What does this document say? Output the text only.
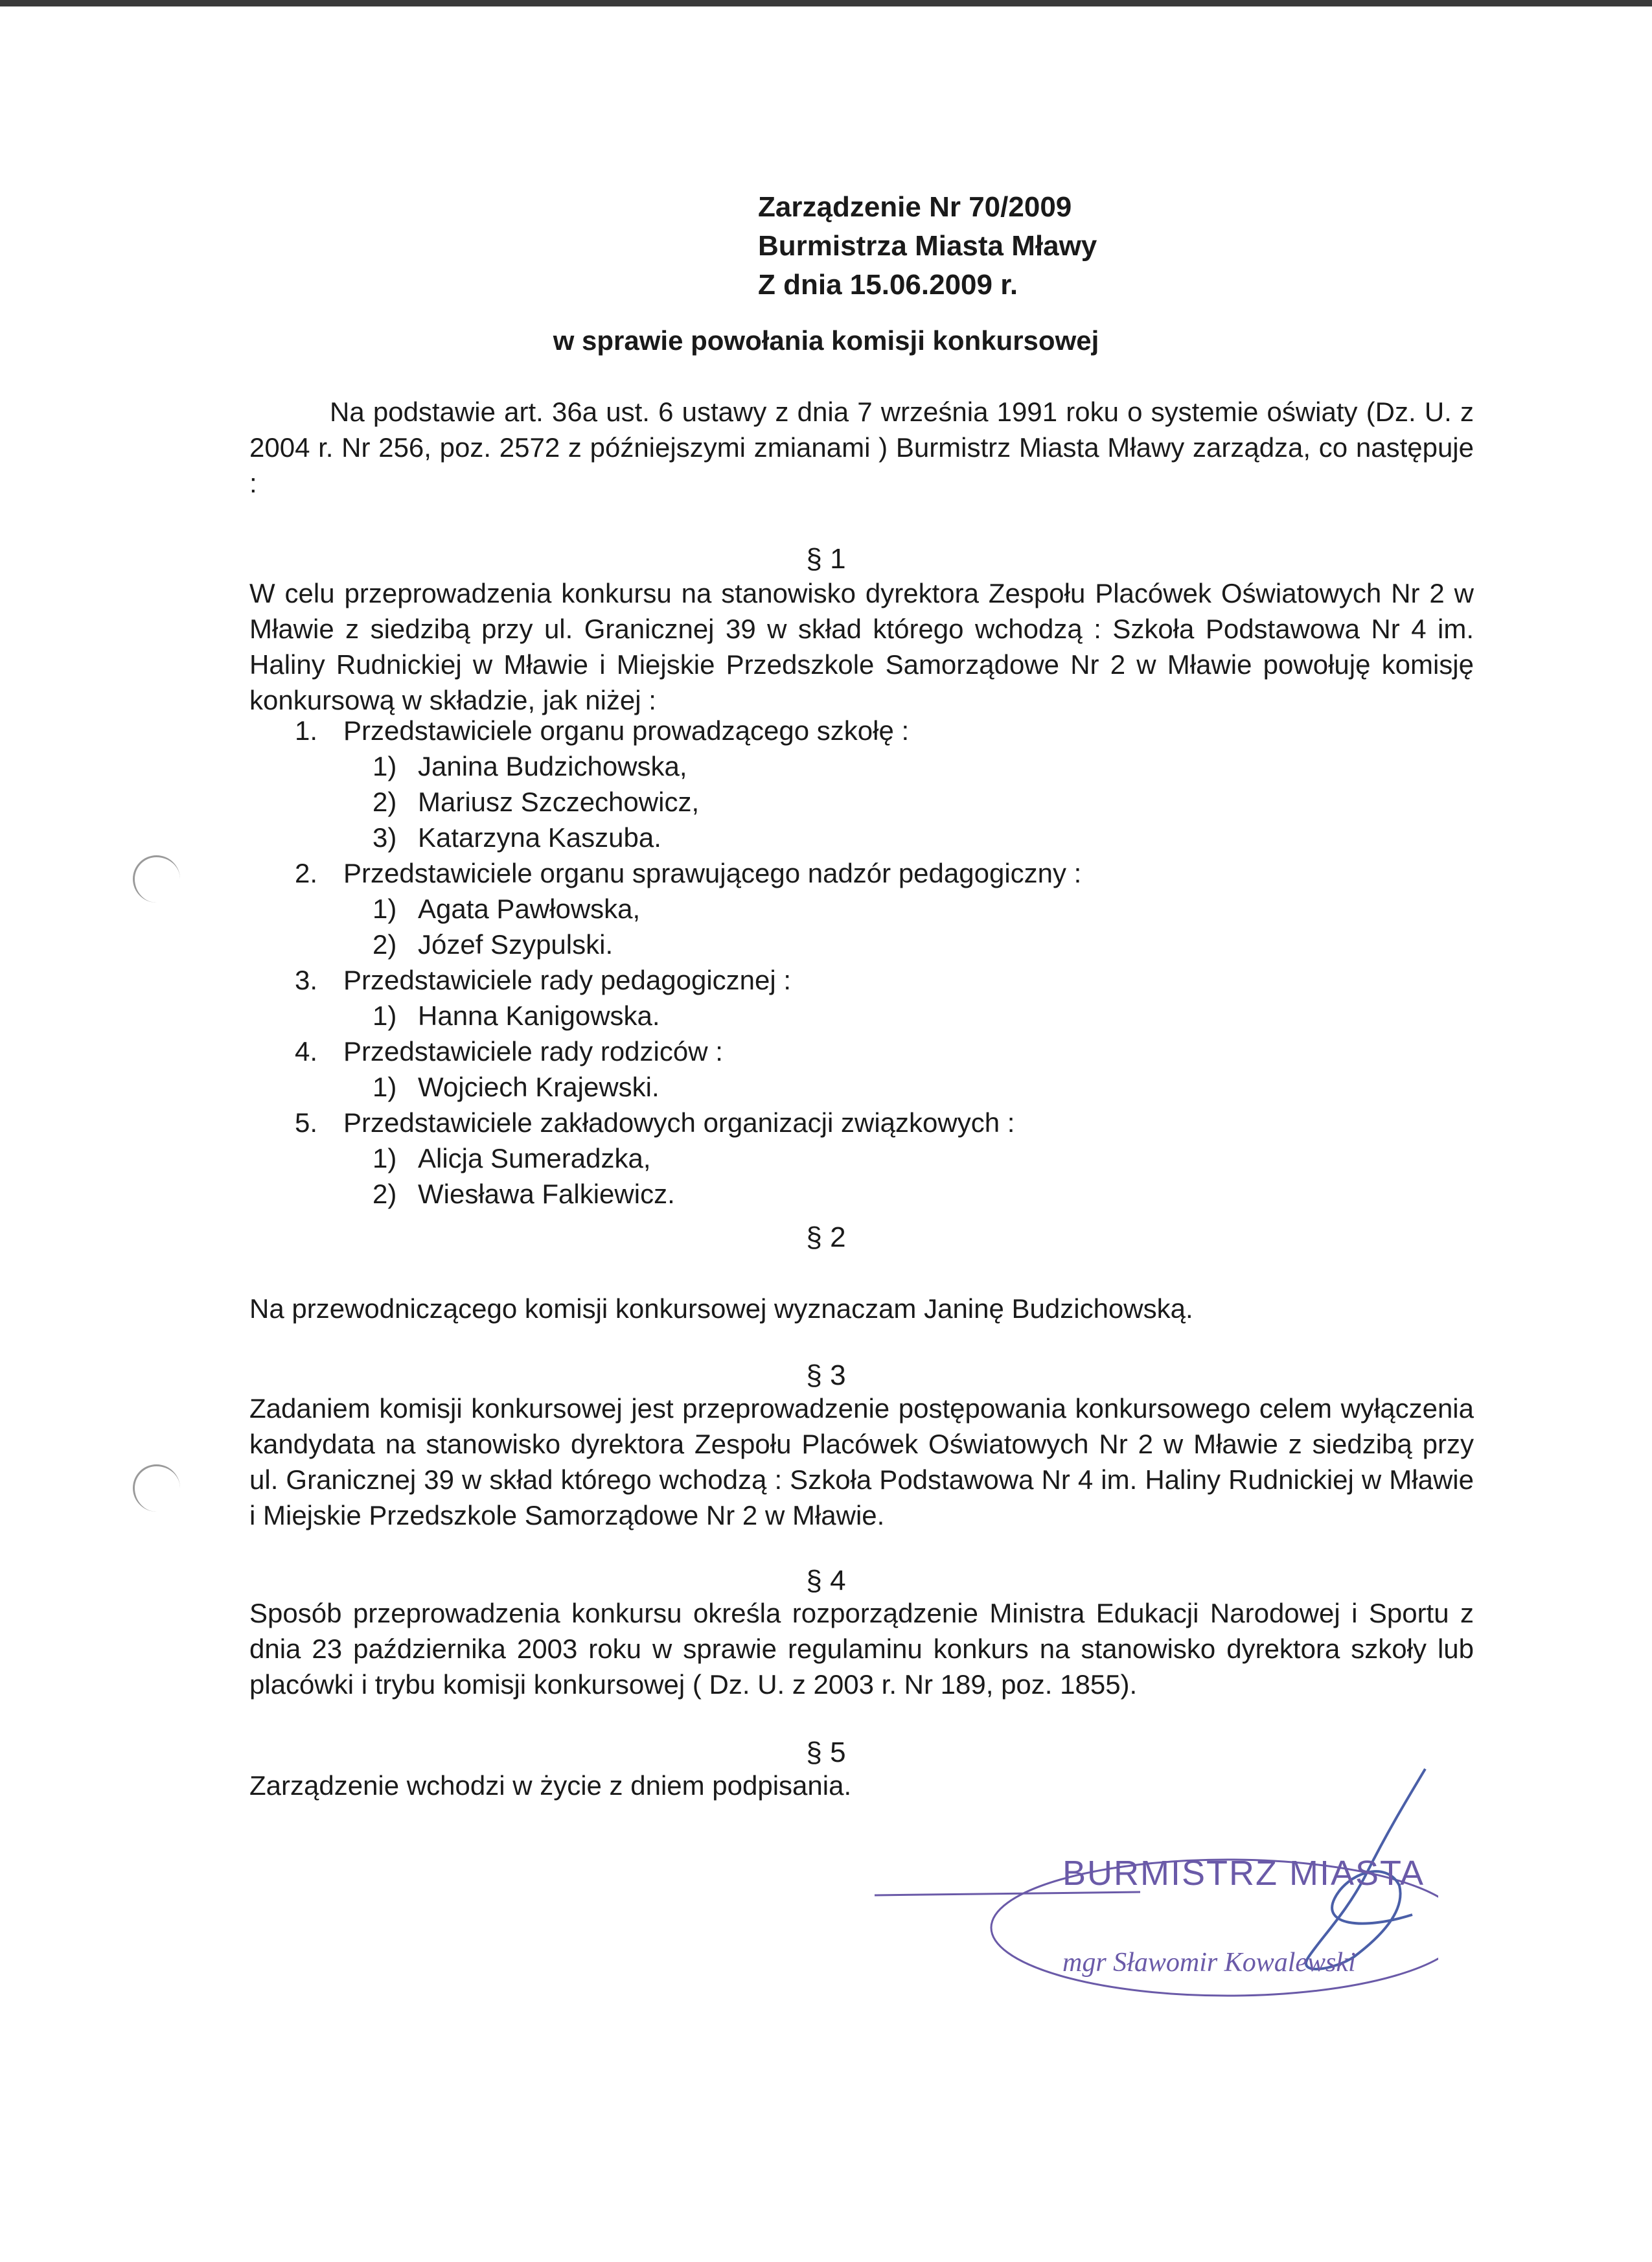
Zarządzenie Nr 70/2009
Burmistrza Miasta Mławy
Z dnia 15.06.2009 r.
w sprawie powołania komisji konkursowej
Na podstawie art. 36a ust. 6 ustawy z dnia 7 września 1991 roku o systemie oświaty (Dz. U. z 2004 r. Nr 256, poz. 2572 z późniejszymi zmianami ) Burmistrz Miasta Mławy zarządza, co następuje :
§ 1
W celu przeprowadzenia konkursu na stanowisko dyrektora Zespołu Placówek Oświatowych Nr 2 w Mławie z siedzibą przy ul. Granicznej 39 w skład którego wchodzą : Szkoła Podstawowa Nr 4 im. Haliny Rudnickiej w Mławie i Miejskie Przedszkole Samorządowe Nr 2 w Mławie powołuję komisję konkursową w składzie, jak niżej :
1. Przedstawiciele organu prowadzącego szkołę :
1) Janina Budzichowska,
2) Mariusz Szczechowicz,
3) Katarzyna Kaszuba.
2. Przedstawiciele organu sprawującego nadzór pedagogiczny :
1) Agata Pawłowska,
2) Józef Szypulski.
3. Przedstawiciele rady pedagogicznej :
1) Hanna Kanigowska.
4. Przedstawiciele rady rodziców :
1) Wojciech Krajewski.
5. Przedstawiciele zakładowych organizacji związkowych :
1) Alicja Sumeradzka,
2) Wiesława Falkiewicz.
§ 2
Na przewodniczącego komisji konkursowej wyznaczam Janinę Budzichowską.
§ 3
Zadaniem komisji konkursowej jest przeprowadzenie postępowania konkursowego celem wyłączenia kandydata na stanowisko dyrektora Zespołu Placówek Oświatowych Nr 2 w Mławie z siedzibą przy ul. Granicznej 39 w skład którego wchodzą : Szkoła Podstawowa Nr 4 im. Haliny Rudnickiej w Mławie i Miejskie Przedszkole Samorządowe Nr 2 w Mławie.
§ 4
Sposób przeprowadzenia konkursu określa rozporządzenie Ministra Edukacji Narodowej i Sportu z dnia 23 października 2003 roku w sprawie regulaminu konkurs na stanowisko dyrektora szkoły lub placówki i trybu komisji konkursowej ( Dz. U. z 2003 r. Nr 189, poz. 1855).
§ 5
Zarządzenie wchodzi w życie z dniem podpisania.
BURMISTRZ MIASTA
mgr Sławomir Kowalewski
